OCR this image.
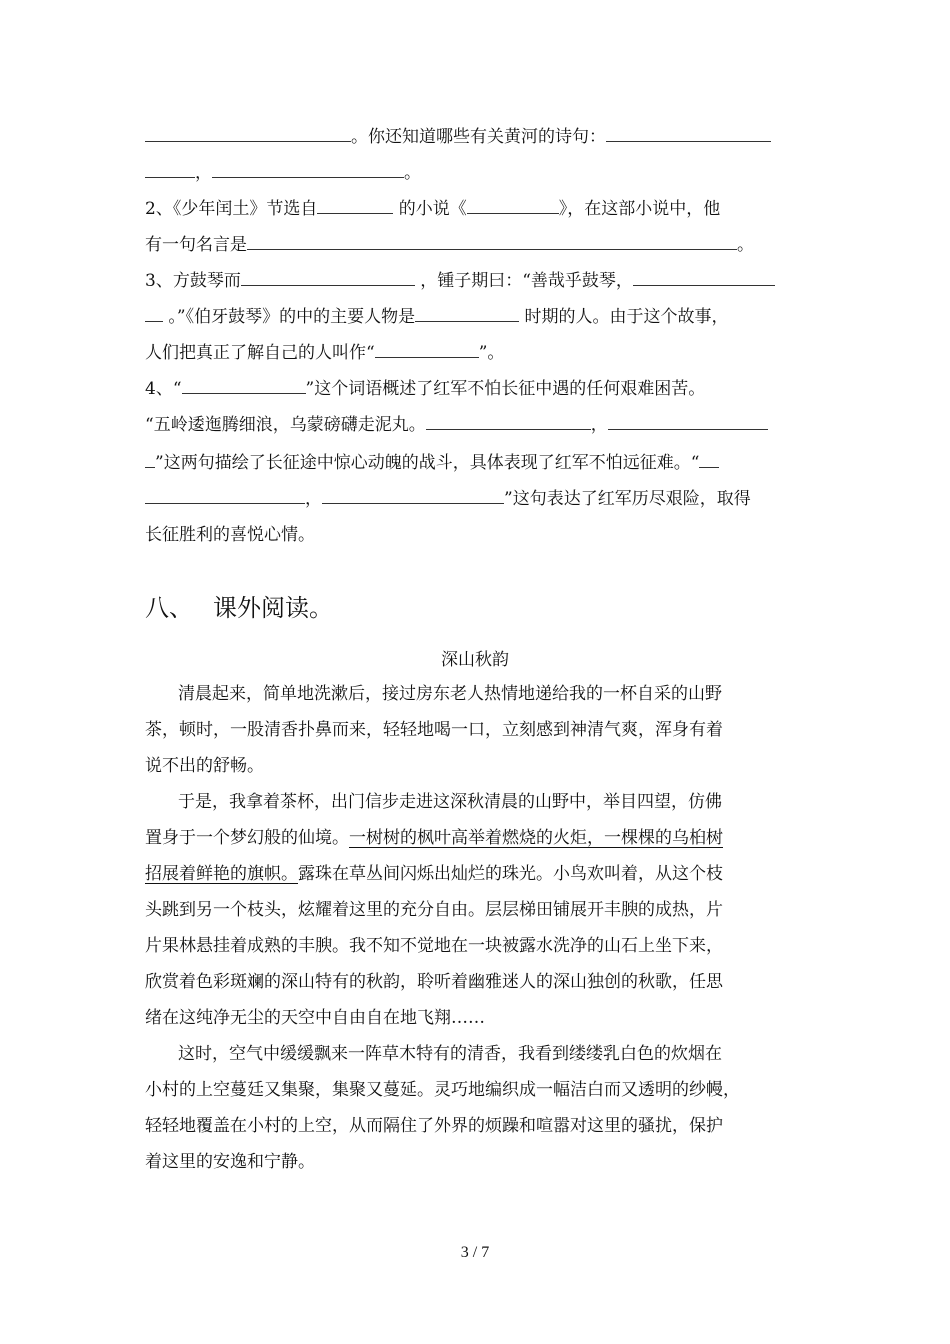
。你还知道哪些有关黄河的诗句：
，	。
2、《少年闰土》节选自	的小说《	》，在这部小说中，他
有一句名言是	。
3、方鼓琴而	，锺子期曰：“善哉乎鼓琴，
。”《伯牙鼓琴》的中的主要人物是	时期的人。由于这个故事，
人们把真正了解自己的人叫作“	”。
4、“	”这个词语概述了红军不怕长征中遇的任何艰难困苦。
“五岭逶迤腾细浪，乌蒙磅礴走泥丸。	，
”这两句描绘了长征途中惊心动魄的战斗，具体表现了红军不怕远征难。“
，	”这句表达了红军历尽艰险，取得
长征胜利的喜悦心情。
八、 课外阅读。
深山秋韵
清晨起来，简单地洗漱后，接过房东老人热情地递给我的一杯自采的山野
茶，顿时，一股清香扑鼻而来，轻轻地喝一口，立刻感到神清气爽，浑身有着
说不出的舒畅。
于是，我拿着茶杯，出门信步走进这深秋清晨的山野中，举目四望，仿佛
置身于一个梦幻般的仙境。一树树的枫叶高举着燃烧的火炬，一棵棵的乌桕树
招展着鲜艳的旗帜。露珠在草丛间闪烁出灿烂的珠光。小鸟欢叫着，从这个枝
头跳到另一个枝头，炫耀着这里的充分自由。层层梯田铺展开丰腴的成热，片
片果林悬挂着成熟的丰腴。我不知不觉地在一块被露水洗净的山石上坐下来，
欣赏着色彩斑斓的深山特有的秋韵，聆听着幽雅迷人的深山独创的秋歌，任思
绪在这纯净无尘的天空中自由自在地飞翔……
这时，空气中缓缓飘来一阵草木特有的清香，我看到缕缕乳白色的炊烟在
小村的上空蔓廷又集聚，集聚又蔓延。灵巧地编织成一幅洁白而又透明的纱幔，
轻轻地覆盖在小村的上空，从而隔住了外界的烦躁和喧嚣对这里的骚扰，保护
着这里的安逸和宁静。
3 / 7
